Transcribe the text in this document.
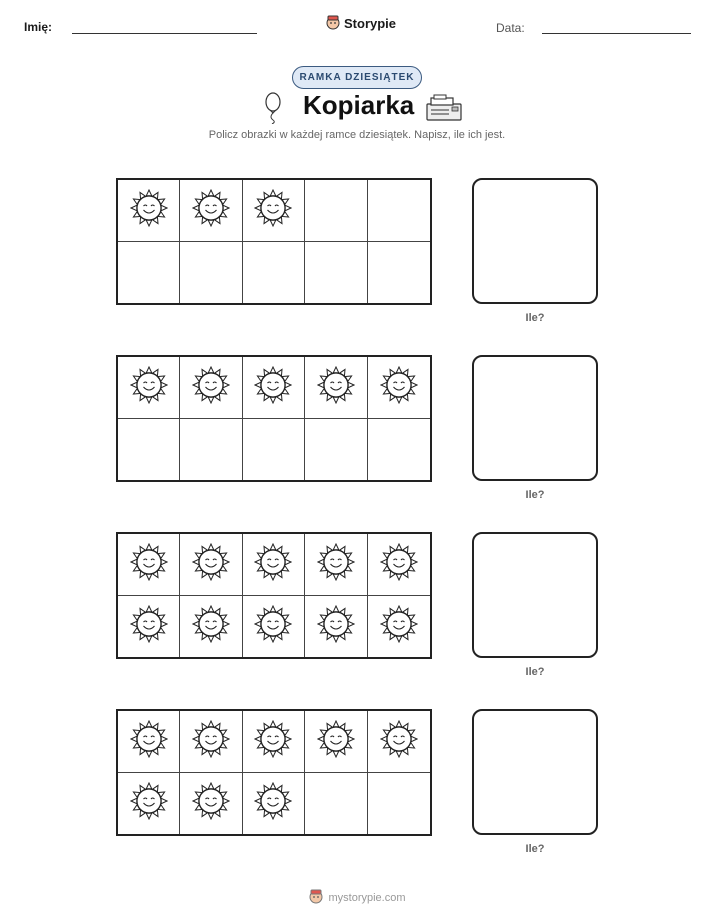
Imię:	Storypie	Data:
RAMKA DZIESIĄTEK
Kopiarka
Policz obrazki w każdej ramce dziesiątek. Napisz, ile ich jest.
Ile?
Ile?
Ile?
Ile?
mystorypie.com
